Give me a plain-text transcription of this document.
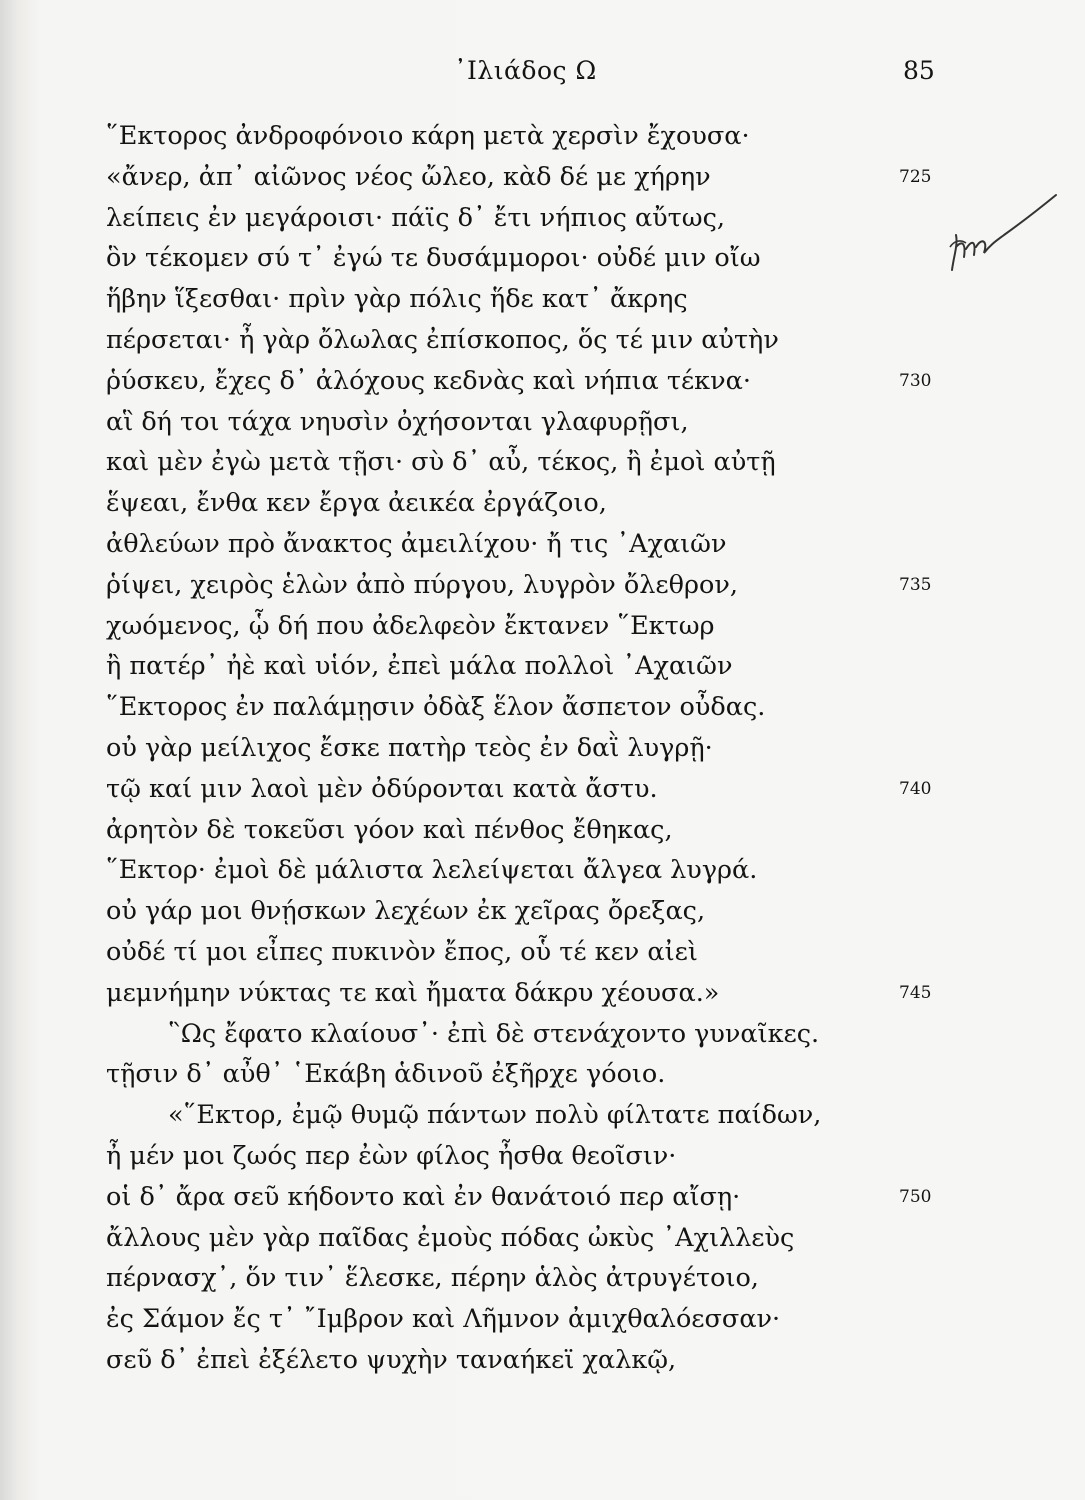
᾿Ιλιάδος Ω	85
῞Εκτορος ἀνδροφόνοιο κάρη μετὰ χερσὶν ἔχουσα·
«ἄνερ, ἀπ᾿ αἰῶνος νέος ὤλεο, κὰδ δέ με χήρην	725
λείπεις ἐν μεγάροισι· πάϊς δ᾿ ἔτι νήπιος αὔτως,
ὃν τέκομεν σύ τ᾿ ἐγώ τε δυσάμμοροι· οὐδέ μιν οἴω
ἥβην ἵξεσθαι· πρὶν γὰρ πόλις ἥδε κατ᾿ ἄκρης
πέρσεται· ἦ γὰρ ὄλωλας ἐπίσκοπος, ὅς τέ μιν αὐτὴν
ῥύσκευ, ἔχες δ᾿ ἀλόχους κεδνὰς καὶ νήπια τέκνα·	730
αἳ δή τοι τάχα νηυσὶν ὀχήσονται γλαφυρῇσι,
καὶ μὲν ἐγὼ μετὰ τῇσι· σὺ δ᾿ αὖ, τέκος, ἢ ἐμοὶ αὐτῇ
ἕψεαι, ἔνθα κεν ἔργα ἀεικέα ἐργάζοιο,
ἀθλεύων πρὸ ἄνακτος ἀμειλίχου· ἤ τις ᾿Αχαιῶν
ῥίψει, χειρὸς ἑλὼν ἀπὸ πύργου, λυγρὸν ὄλεθρον,	735
χωόμενος, ᾧ δή που ἀδελφεὸν ἔκτανεν ῞Εκτωρ
ἢ πατέρ᾿ ἠὲ καὶ υἱόν, ἐπεὶ μάλα πολλοὶ ᾿Αχαιῶν
῞Εκτορος ἐν παλάμῃσιν ὀδὰξ ἕλον ἄσπετον οὖδας.
οὐ γὰρ μείλιχος ἔσκε πατὴρ τεὸς ἐν δαῒ λυγρῇ·
τῷ καί μιν λαοὶ μὲν ὀδύρονται κατὰ ἄστυ.	740
ἀρητὸν δὲ τοκεῦσι γόον καὶ πένθος ἔθηκας,
῞Εκτορ· ἐμοὶ δὲ μάλιστα λελείψεται ἄλγεα λυγρά.
οὐ γάρ μοι θνῄσκων λεχέων ἐκ χεῖρας ὄρεξας,
οὐδέ τί μοι εἶπες πυκινὸν ἔπος, οὗ τέ κεν αἰεὶ
μεμνήμην νύκτας τε καὶ ἤματα δάκρυ χέουσα.»	745
῝Ως ἔφατο κλαίουσ᾿· ἐπὶ δὲ στενάχοντο γυναῖκες.
τῇσιν δ᾿ αὖθ᾿ ῾Εκάβη ἁδινοῦ ἐξῆρχε γόοιο.
«῞Εκτορ, ἐμῷ θυμῷ πάντων πολὺ φίλτατε παίδων,
ἦ μέν μοι ζωός περ ἐὼν φίλος ἦσθα θεοῖσιν·
οἱ δ᾿ ἄρα σεῦ κήδοντο καὶ ἐν θανάτοιό περ αἴσῃ·	750
ἄλλους μὲν γὰρ παῖδας ἐμοὺς πόδας ὠκὺς ᾿Αχιλλεὺς
πέρνασχ᾿, ὅν τιν᾿ ἕλεσκε, πέρην ἁλὸς ἀτρυγέτοιο,
ἐς Σάμον ἔς τ᾿ ῎Ιμβρον καὶ Λῆμνον ἀμιχθαλόεσσαν·
σεῦ δ᾿ ἐπεὶ ἐξέλετο ψυχὴν ταναήκεϊ χαλκῷ,
